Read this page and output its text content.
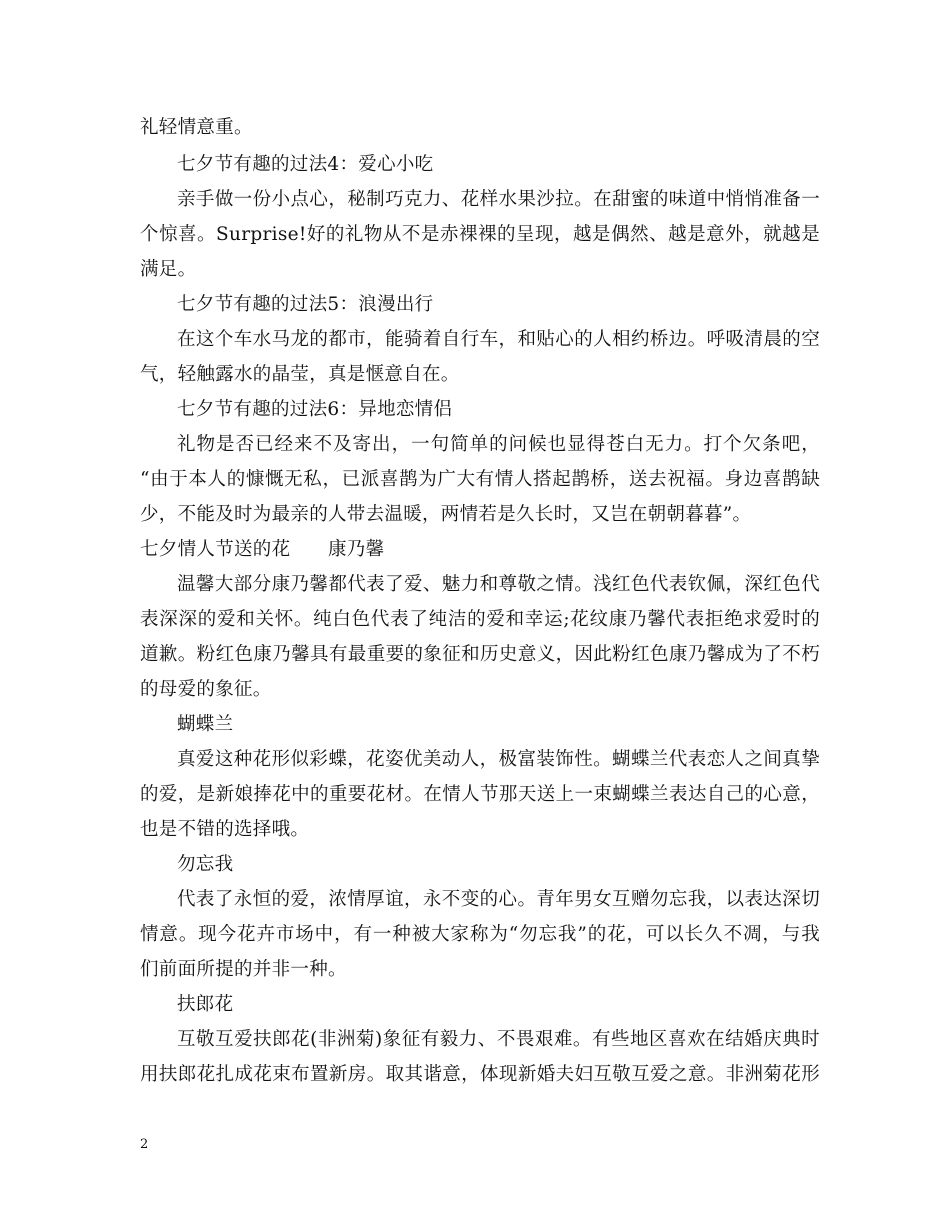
礼轻情意重。
七夕节有趣的过法4：爱心小吃
亲手做一份小点心，秘制巧克力、花样水果沙拉。在甜蜜的味道中悄悄准备一
个惊喜。Surprise!好的礼物从不是赤裸裸的呈现，越是偶然、越是意外，就越是
满足。
七夕节有趣的过法5：浪漫出行
在这个车水马龙的都市，能骑着自行车，和贴心的人相约桥边。呼吸清晨的空
气，轻触露水的晶莹，真是惬意自在。
七夕节有趣的过法6：异地恋情侣
礼物是否已经来不及寄出，一句简单的问候也显得苍白无力。打个欠条吧，
“由于本人的慷慨无私，已派喜鹊为广大有情人搭起鹊桥，送去祝福。身边喜鹊缺
少，不能及时为最亲的人带去温暖，两情若是久长时，又岂在朝朝暮暮”。
七夕情人节送的花　　康乃馨
温馨大部分康乃馨都代表了爱、魅力和尊敬之情。浅红色代表钦佩，深红色代
表深深的爱和关怀。纯白色代表了纯洁的爱和幸运;花纹康乃馨代表拒绝求爱时的
道歉。粉红色康乃馨具有最重要的象征和历史意义，因此粉红色康乃馨成为了不朽
的母爱的象征。
蝴蝶兰
真爱这种花形似彩蝶，花姿优美动人，极富装饰性。蝴蝶兰代表恋人之间真挚
的爱，是新娘捧花中的重要花材。在情人节那天送上一束蝴蝶兰表达自己的心意，
也是不错的选择哦。
勿忘我
代表了永恒的爱，浓情厚谊，永不变的心。青年男女互赠勿忘我，以表达深切
情意。现今花卉市场中，有一种被大家称为“勿忘我”的花，可以长久不凋，与我
们前面所提的并非一种。
扶郎花
互敬互爱扶郎花(非洲菊)象征有毅力、不畏艰难。有些地区喜欢在结婚庆典时
用扶郎花扎成花束布置新房。取其谐意，体现新婚夫妇互敬互爱之意。非洲菊花形
2
